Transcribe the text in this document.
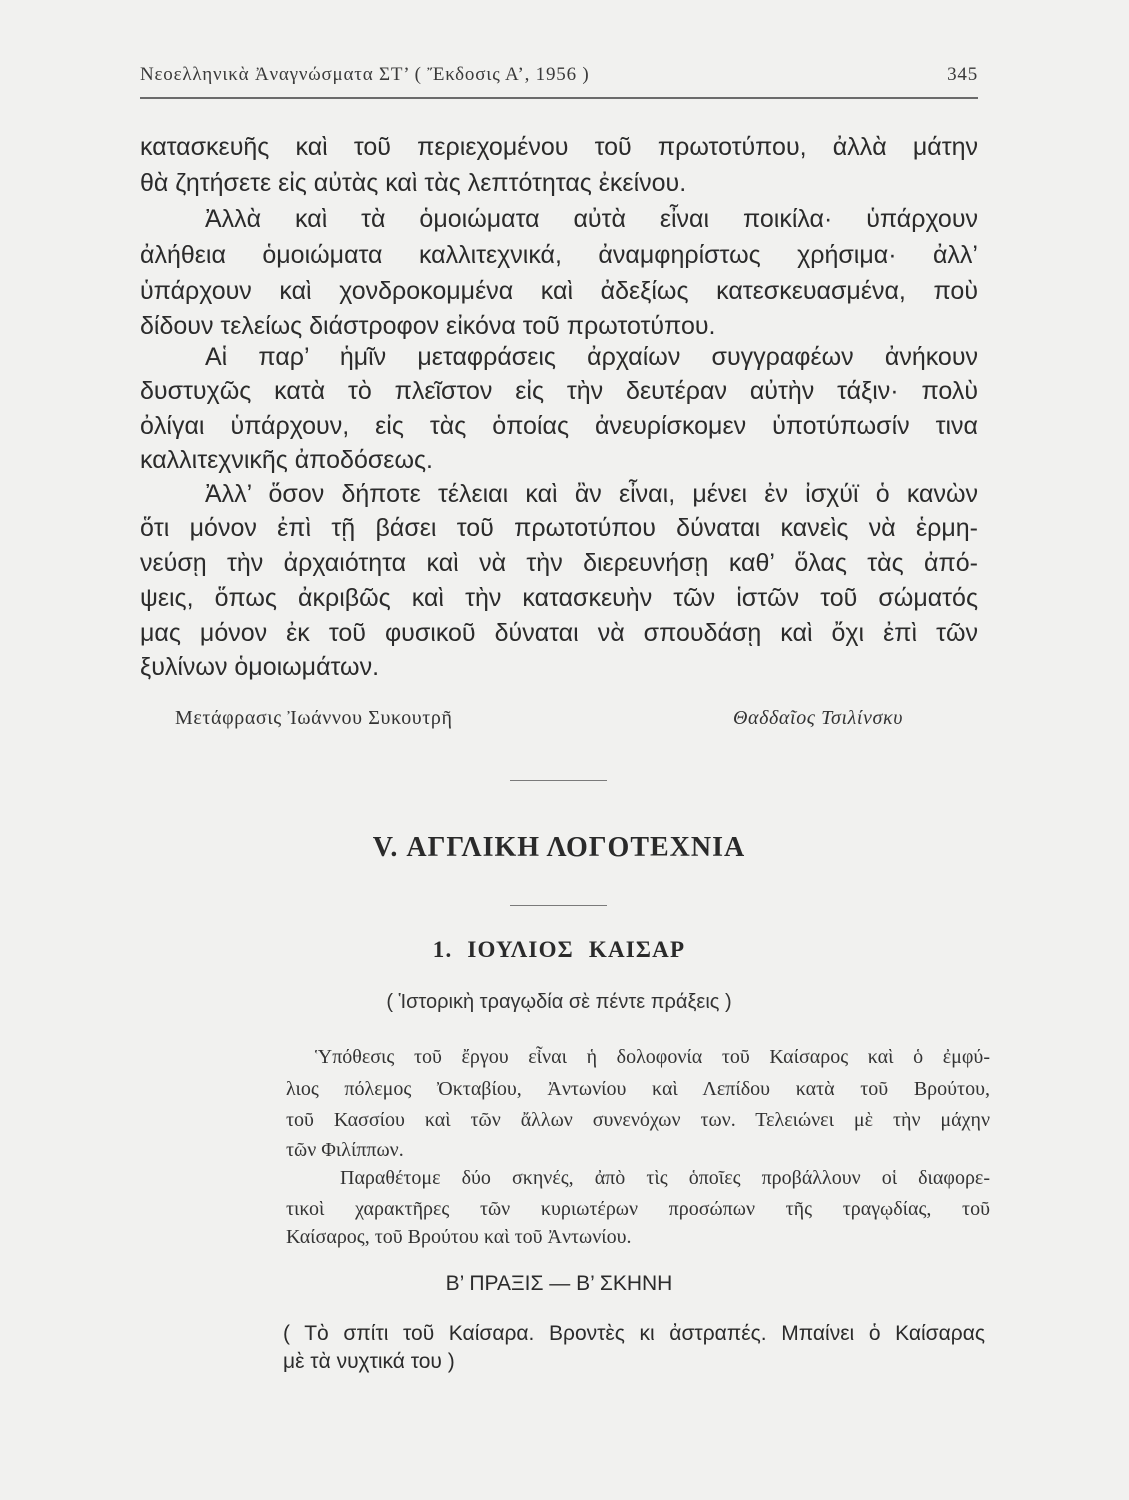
Νεοελληνικὰ Ἀναγνώσματα ΣΤ’ ( Ἔκδοσις Α’, 1956 )	345
κατασκευῆς καὶ τοῦ περιεχομένου τοῦ πρωτοτύπου, ἀλλὰ μάτην
θὰ ζητήσετε εἰς αὐτὰς καὶ τὰς λεπτότητας ἐκείνου.
Ἀλλὰ καὶ τὰ ὁμοιώματα αὐτὰ εἶναι ποικίλα· ὑπάρχουν
ἀλήθεια ὁμοιώματα καλλιτεχνικά, ἀναμφηρίστως χρήσιμα· ἀλλ’
ὑπάρχουν καὶ χονδροκομμένα καὶ ἀδεξίως κατεσκευασμένα, ποὺ
δίδουν τελείως διάστροφον εἰκόνα τοῦ πρωτοτύπου.
Αἱ παρ’ ἡμῖν μεταφράσεις ἀρχαίων συγγραφέων ἀνήκουν
δυστυχῶς κατὰ τὸ πλεῖστον εἰς τὴν δευτέραν αὐτὴν τάξιν· πολὺ
ὀλίγαι ὑπάρχουν, εἰς τὰς ὁποίας ἀνευρίσκομεν ὑποτύπωσίν τινα
καλλιτεχνικῆς ἀποδόσεως.
Ἀλλ’ ὅσον δήποτε τέλειαι καὶ ἂν εἶναι, μένει ἐν ἰσχύϊ ὁ κανὼν
ὅτι μόνον ἐπὶ τῇ βάσει τοῦ πρωτοτύπου δύναται κανεὶς νὰ ἑρμη-
νεύσῃ τὴν ἀρχαιότητα καὶ νὰ τὴν διερευνήσῃ καθ’ ὅλας τὰς ἀπό-
ψεις, ὅπως ἀκριβῶς καὶ τὴν κατασκευὴν τῶν ἱστῶν τοῦ σώματός
μας μόνον ἐκ τοῦ φυσικοῦ δύναται νὰ σπουδάσῃ καὶ ὄχι ἐπὶ τῶν
ξυλίνων ὁμοιωμάτων.
Μετάφρασις Ἰωάννου Συκουτρῆ	Θαδδαῖος Τσιλίνσκυ
V. ΑΓΓΛΙΚΗ ΛΟΓΟΤΕΧΝΙΑ
1. ΙΟΥΛΙΟΣ ΚΑΙΣΑΡ
( Ἱστορικὴ τραγῳδία σὲ πέντε πράξεις )
Ὑπόθεσις τοῦ ἔργου εἶναι ἡ δολοφονία τοῦ Καίσαρος καὶ ὁ ἐμφύ-
λιος πόλεμος Ὀκταβίου, Ἀντωνίου καὶ Λεπίδου κατὰ τοῦ Βρούτου,
τοῦ Κασσίου καὶ τῶν ἄλλων συνενόχων των. Τελειώνει μὲ τὴν μάχην
τῶν Φιλίππων.
Παραθέτομε δύο σκηνές, ἀπὸ τὶς ὁποῖες προβάλλουν οἱ διαφορε-
τικοὶ χαρακτῆρες τῶν κυριωτέρων προσώπων τῆς τραγῳδίας, τοῦ
Καίσαρος, τοῦ Βρούτου καὶ τοῦ Ἀντωνίου.
Β’ ΠΡΑΞΙΣ — Β’ ΣΚΗΝΗ
( Τὸ σπίτι τοῦ Καίσαρα. Βροντὲς κι ἀστραπές. Μπαίνει ὁ Καίσαρας
μὲ τὰ νυχτικά του )
